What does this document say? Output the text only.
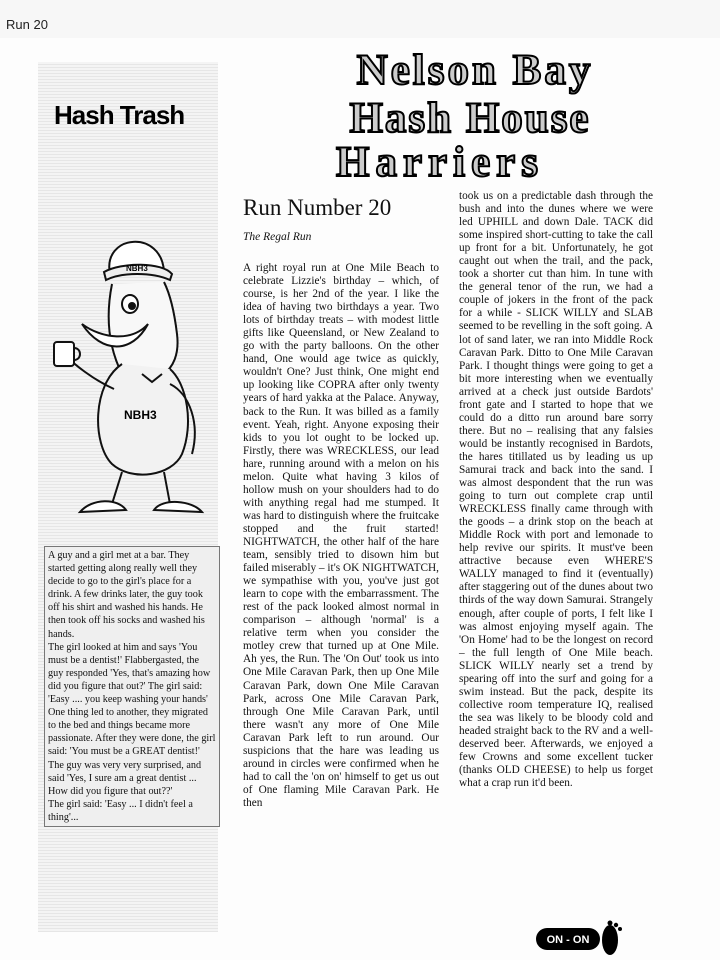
Run 20
Hash Trash
NBH3
NBH3

A guy and a girl met at a bar. They started getting along really well they decide to go to the girl's place for a drink. A few drinks later, the guy took off his shirt and washed his hands. He then took off his socks and washed his hands.

The girl looked at him and says 'You must be a dentist!' Flabbergasted, the guy responded 'Yes, that's amazing how did you figure that out?' The girl said: 'Easy .... you keep washing your hands' One thing led to another, they migrated to the bed and things became more passionate. After they were done, the girl said: 'You must be a GREAT dentist!' The guy was very very surprised, and said 'Yes, I sure am a great dentist ... How did you figure that out??'

The girl said: 'Easy ... I didn't feel a thing'...

Nelson Bay
Hash House
Harriers
Run Number 20
The Regal Run

A right royal run at One Mile Beach to celebrate Lizzie's birthday – which, of course, is her 2nd of the year. I like the idea of having two birthdays a year. Two lots of birthday treats – with modest little gifts like Queensland, or New Zealand to go with the party balloons. On the other hand, One would age twice as quickly, wouldn't One? Just think, One might end up looking like COPRA after only twenty years of hard yakka at the Palace. Anyway, back to the Run. It was billed as a family event. Yeah, right. Anyone exposing their kids to you lot ought to be locked up. Firstly, there was WRECKLESS, our lead hare, running around with a melon on his melon. Quite what having 3 kilos of hollow mush on your shoulders had to do with anything regal had me stumped. It was hard to distinguish where the fruitcake stopped and the fruit started! NIGHTWATCH, the other half of the hare team, sensibly tried to disown him but failed miserably – it's OK NIGHTWATCH, we sympathise with you, you've just got learn to cope with the embarrassment. The rest of the pack looked almost normal in comparison – although 'normal' is a relative term when you consider the motley crew that turned up at One Mile. Ah yes, the Run. The 'On Out' took us into One Mile Caravan Park, then up One Mile Caravan Park, down One Mile Caravan Park, across One Mile Caravan Park, through One Mile Caravan Park, until there wasn't any more of One Mile Caravan Park left to run around. Our suspicions that the hare was leading us around in circles were confirmed when he had to call the 'on on' himself to get us out of One flaming Mile Caravan Park. He then

took us on a predictable dash through the bush and into the dunes where we were led UPHILL and down Dale. TACK did some inspired short-cutting to take the call up front for a bit. Unfortunately, he got caught out when the trail, and the pack, took a shorter cut than him. In tune with the general tenor of the run, we had a couple of jokers in the front of the pack for a while - SLICK WILLY and SLAB seemed to be revelling in the soft going. A lot of sand later, we ran into Middle Rock Caravan Park. Ditto to One Mile Caravan Park. I thought things were going to get a bit more interesting when we eventually arrived at a check just outside Bardots' front gate and I started to hope that we could do a ditto run around bare sorry there. But no – realising that any falsies would be instantly recognised in Bardots, the hares titillated us by leading us up Samurai track and back into the sand. I was almost despondent that the run was going to turn out complete crap until WRECKLESS finally came through with the goods – a drink stop on the beach at Middle Rock with port and lemonade to help revive our spirits. It must've been attractive because even WHERE'S WALLY managed to find it (eventually) after staggering out of the dunes about two thirds of the way down Samurai. Strangely enough, after couple of ports, I felt like I was almost enjoying myself again. The 'On Home' had to be the longest on record – the full length of One Mile beach. SLICK WILLY nearly set a trend by spearing off into the surf and going for a swim instead. But the pack, despite its collective room temperature IQ, realised the sea was likely to be bloody cold and headed straight back to the RV and a well-deserved beer. Afterwards, we enjoyed a few Crowns and some excellent tucker (thanks OLD CHEESE) to help us forget what a crap run it'd been.

ON - ON
